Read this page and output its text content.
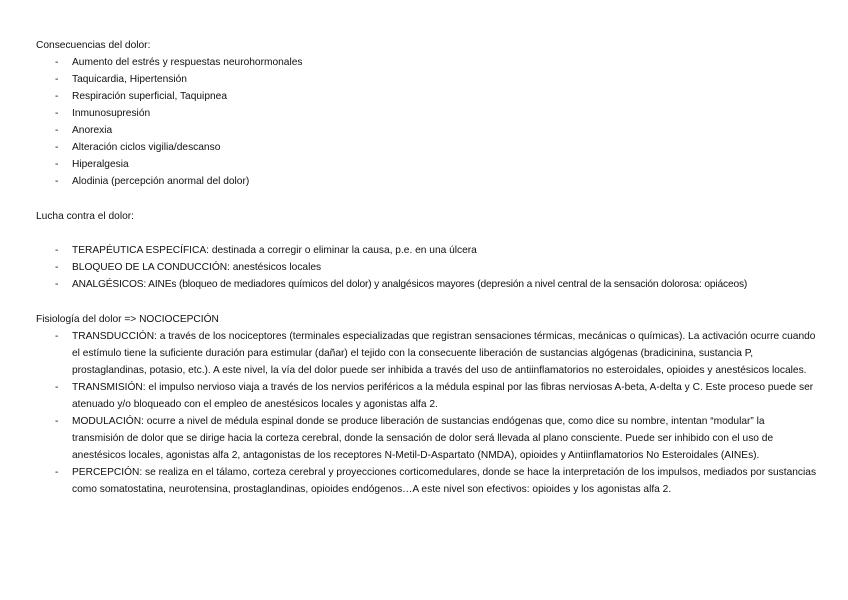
Consecuencias del dolor:

- Aumento del estrés y respuestas neurohormonales
- Taquicardia, Hipertensión
- Respiración superficial, Taquipnea
- Inmunosupresión
- Anorexia
- Alteración ciclos vigilia/descanso
- Hiperalgesia
- Alodinia (percepción anormal del dolor)

Lucha contra el dolor:

- TERAPÉUTICA ESPECÍFICA: destinada a corregir o eliminar la causa, p.e. en una úlcera
- BLOQUEO DE LA CONDUCCIÓN: anestésicos locales
- ANALGÉSICOS: AINEs (bloqueo de mediadores químicos del dolor) y analgésicos mayores (depresión a nivel central de la sensación dolorosa: opiáceos)

Fisiología del dolor => NOCIOCEPCIÓN

- TRANSDUCCIÓN: a través de los nociceptores (terminales especializadas que registran sensaciones térmicas, mecánicas o químicas). La activación ocurre cuando el estímulo tiene la suficiente duración para estimular (dañar) el tejido con la consecuente liberación de sustancias algógenas (bradicinina, sustancia P, prostaglandinas, potasio, etc.). A este nivel, la vía del dolor puede ser inhibida a través del uso de antiinflamatorios no esteroidales, opioides y anestésicos locales.
- TRANSMISIÓN: el impulso nervioso viaja a través de los nervios periféricos a la médula espinal por las fibras nerviosas A-beta, A-delta y C. Este proceso puede ser atenuado y/o bloqueado con el empleo de anestésicos locales y agonistas alfa 2.
- MODULACIÓN: ocurre a nivel de médula espinal donde se produce liberación de sustancias endógenas que, como dice su nombre, intentan “modular” la transmisión de dolor que se dirige hacia la corteza cerebral, donde la sensación de dolor será llevada al plano consciente. Puede ser inhibido con el uso de anestésicos locales, agonistas alfa 2, antagonistas de los receptores N-Metil-D-Aspartato (NMDA), opioides y Antiinflamatorios No Esteroidales (AINEs).
- PERCEPCIÓN: se realiza en el tálamo, corteza cerebral y proyecciones corticomedulares, donde se hace la interpretación de los impulsos, mediados por sustancias como somatostatina, neurotensina, prostaglandinas, opioides endógenos…A este nivel son efectivos: opioides y los agonistas alfa 2.
